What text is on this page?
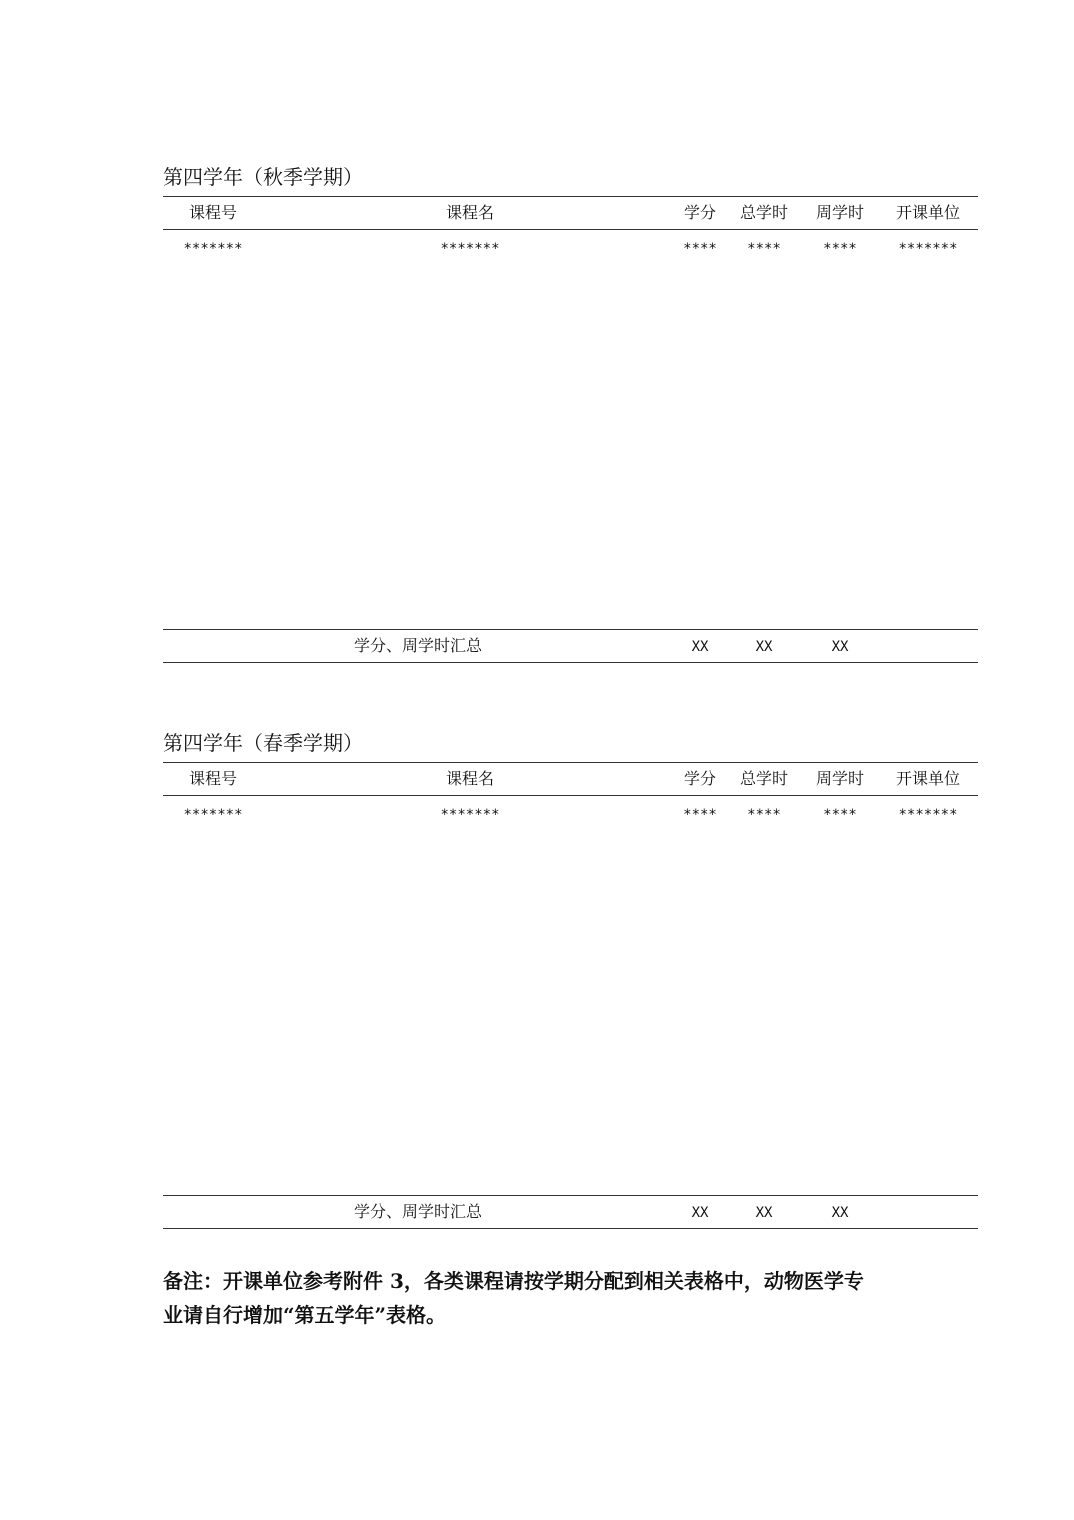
第四学年（秋季学期）
课程号	课程名	学分 总学时 周学时 开课单位
*******	*******	**** ****	****	*******
学分、周学时汇总	XX	XX	XX
第四学年（春季学期）
课程号	课程名	学分 总学时 周学时 开课单位
*******	*******	**** ****	****	*******
学分、周学时汇总	XX	XX	XX
备注：开课单位参考附件 3，各类课程请按学期分配到相关表格中，动物医学专
业请自行增加“第五学年”表格。
